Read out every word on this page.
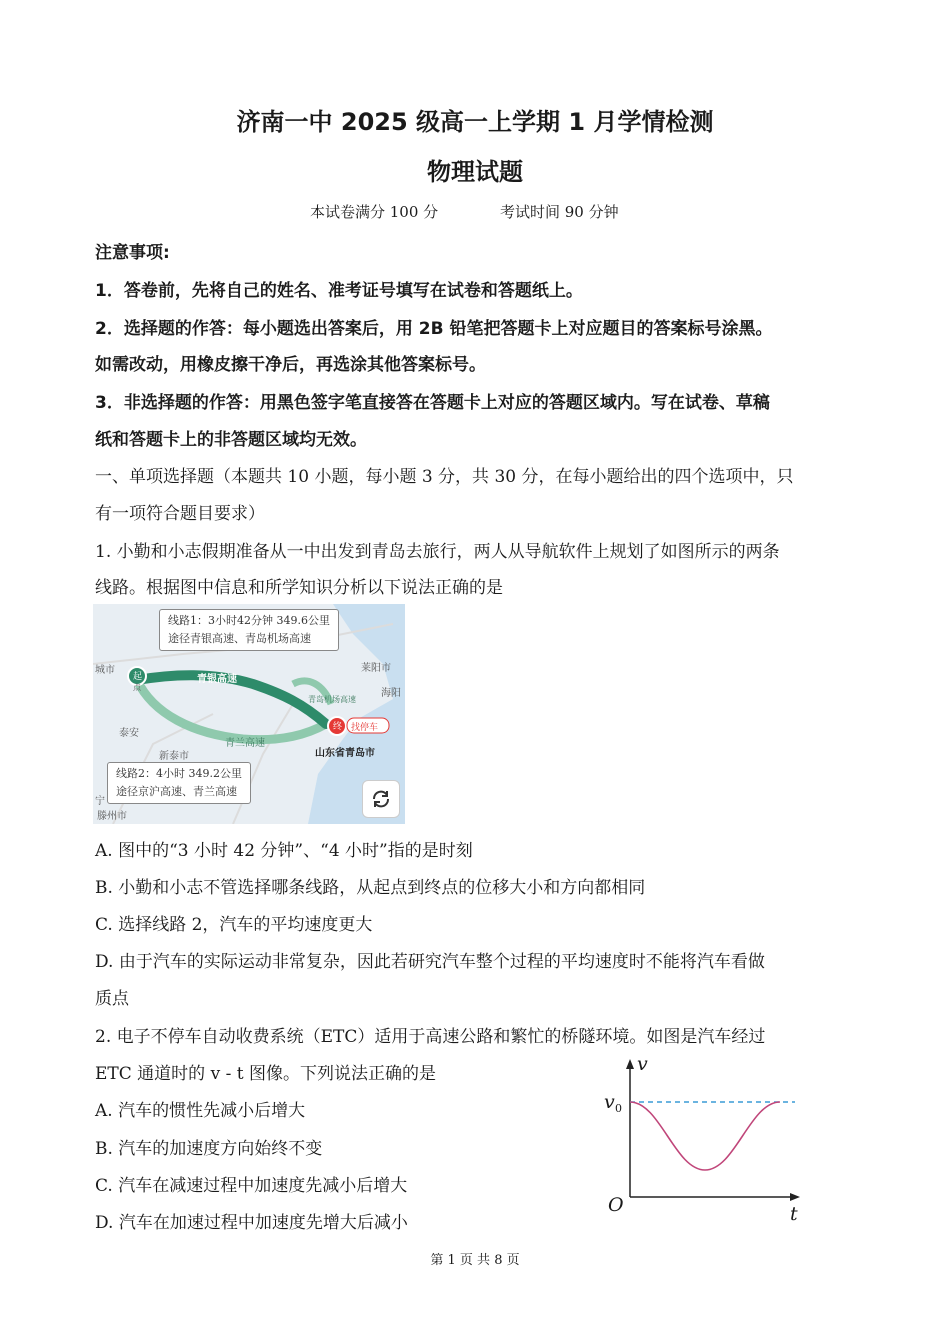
济南一中 2025 级高一上学期 1 月学情检测
物理试题
本试卷满分 100 分	考试时间 90 分钟
注意事项:
1．答卷前，先将自己的姓名、准考证号填写在试卷和答题纸上。
2．选择题的作答：每小题选出答案后，用 2B 铅笔把答题卡上对应题目的答案标号涂黑。
如需改动，用橡皮擦干净后，再选涂其他答案标号。
3．非选择题的作答：用黑色签字笔直接答在答题卡上对应的答题区域内。写在试卷、草稿
纸和答题卡上的非答题区域均无效。
一、单项选择题（本题共 10 小题，每小题 3 分，共 30 分，在每小题给出的四个选项中，只
有一项符合题目要求）
1. 小勤和小志假期准备从一中出发到青岛去旅行，两人从导航软件上规划了如图所示的两条
线路。根据图中信息和所学知识分析以下说法正确的是
起
点
终 找停车
山东省青岛市
青银高速
青兰高速
青岛机场高速
城市
泰安
新泰市
莱阳市
海阳
滕州市
宁
线路1：3小时42分钟 349.6公里
途径青银高速、青岛机场高速
线路2：4小时 349.2公里
途径京沪高速、青兰高速
A. 图中的“3 小时 42 分钟”、“4 小时”指的是时刻
B. 小勤和小志不管选择哪条线路，从起点到终点的位移大小和方向都相同
C. 选择线路 2，汽车的平均速度更大
D. 由于汽车的实际运动非常复杂，因此若研究汽车整个过程的平均速度时不能将汽车看做
质点
2. 电子不停车自动收费系统（ETC）适用于高速公路和繁忙的桥隧环境。如图是汽车经过
ETC 通道时的 v - t 图像。下列说法正确的是
A. 汽车的惯性先减小后增大
B. 汽车的加速度方向始终不变
C. 汽车在减速过程中加速度先减小后增大
D. 汽车在加速过程中加速度先增大后减小
v
v 0
O	t
第 1 页 共 8 页
